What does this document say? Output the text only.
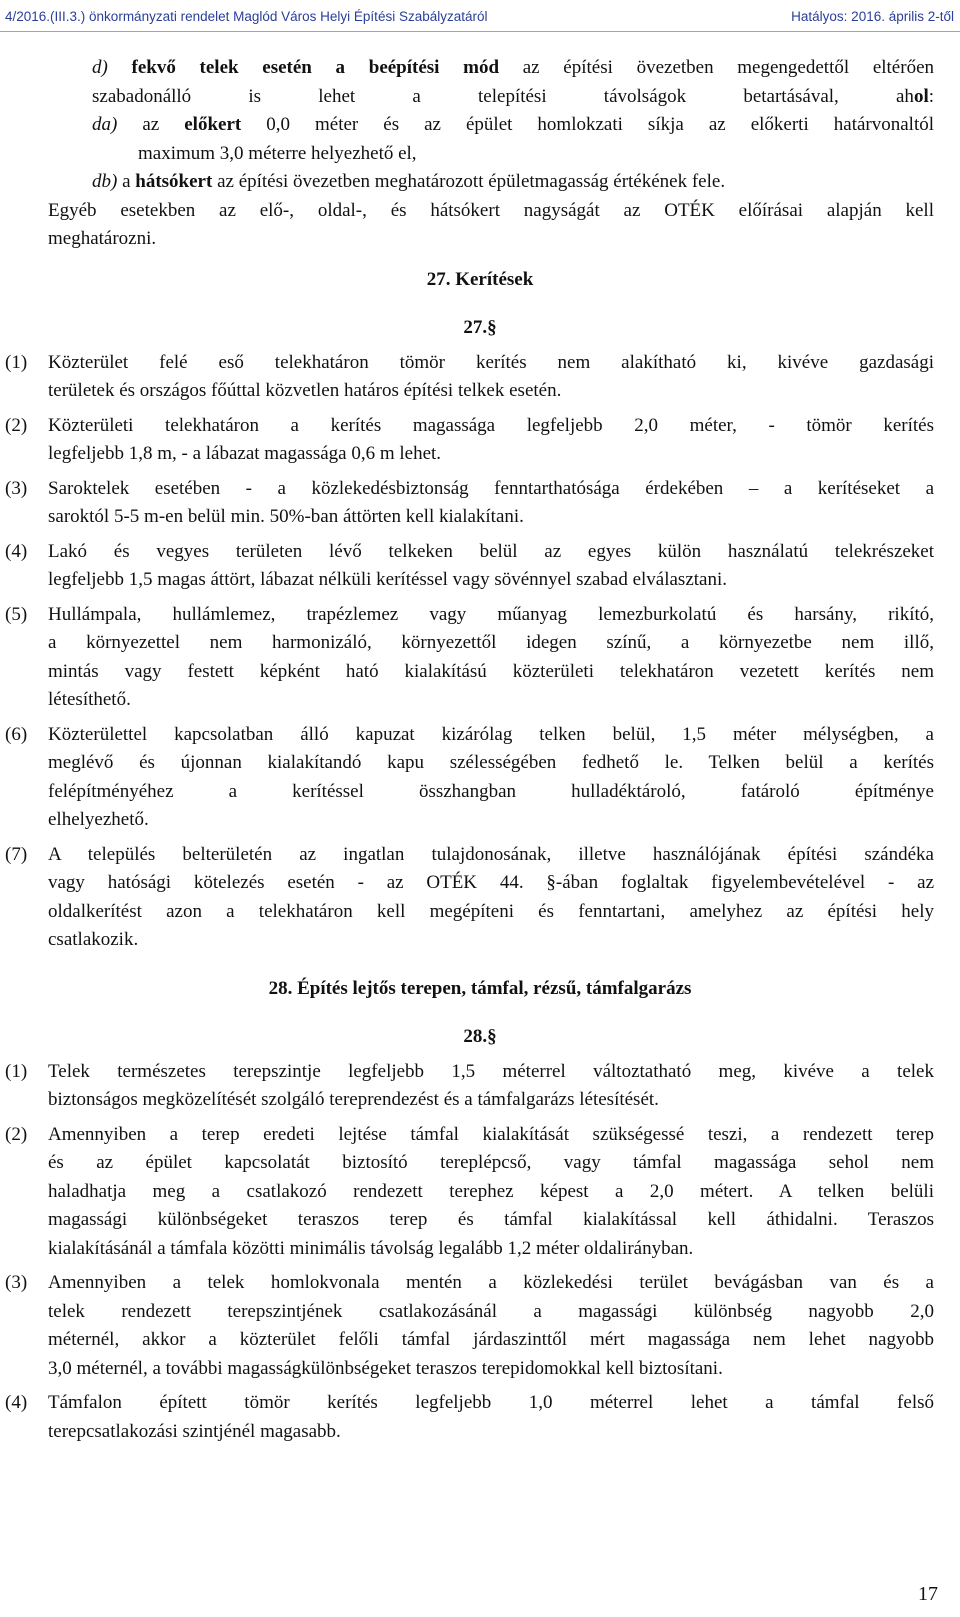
4/2016.(III.3.) önkormányzati rendelet Maglód Város Helyi Építési Szabályzatáról	Hatályos: 2016. április 2-től
d) fekvő telek esetén a beépítési mód az építési övezetben megengedettől eltérően
szabadonálló is lehet a telepítési távolságok betartásával, ahol:
da) az előkert 0,0 méter és az épület homlokzati síkja az előkerti határvonaltól
maximum 3,0 méterre helyezhető el,
db) a hátsókert az építési övezetben meghatározott épületmagasság értékének fele.
Egyéb esetekben az elő-, oldal-, és hátsókert nagyságát az OTÉK előírásai alapján kell
meghatározni.
27. Kerítések
27.§
(1) Közterület felé eső telekhatáron tömör kerítés nem alakítható ki, kivéve gazdasági
területek és országos főúttal közvetlen határos építési telkek esetén.
(2) Közterületi telekhatáron a kerítés magassága legfeljebb 2,0 méter, - tömör kerítés
legfeljebb 1,8 m, - a lábazat magassága 0,6 m lehet.
(3) Saroktelek esetében - a közlekedésbiztonság fenntarthatósága érdekében – a kerítéseket a
saroktól 5-5 m-en belül min. 50%-ban áttörten kell kialakítani.
(4) Lakó és vegyes területen lévő telkeken belül az egyes külön használatú telekrészeket
legfeljebb 1,5 magas áttört, lábazat nélküli kerítéssel vagy sövénnyel szabad elválasztani.
(5) Hullámpala, hullámlemez, trapézlemez vagy műanyag lemezburkolatú és harsány, rikító,
a környezettel nem harmonizáló, környezettől idegen színű, a környezetbe nem illő,
mintás vagy festett képként ható kialakítású közterületi telekhatáron vezetett kerítés nem
létesíthető.
(6) Közterülettel kapcsolatban álló kapuzat kizárólag telken belül, 1,5 méter mélységben, a
meglévő és újonnan kialakítandó kapu szélességében fedhető le. Telken belül a kerítés
felépítményéhez a kerítéssel összhangban hulladéktároló, fatároló építménye
elhelyezhető.
(7) A település belterületén az ingatlan tulajdonosának, illetve használójának építési szándéka
vagy hatósági kötelezés esetén - az OTÉK 44. §-ában foglaltak figyelembevételével - az
oldalkerítést azon a telekhatáron kell megépíteni és fenntartani, amelyhez az építési hely
csatlakozik.
28. Építés lejtős terepen, támfal, rézsű, támfalgarázs
28.§
(1) Telek természetes terepszintje legfeljebb 1,5 méterrel változtatható meg, kivéve a telek
biztonságos megközelítését szolgáló tereprendezést és a támfalgarázs létesítését.
(2) Amennyiben a terep eredeti lejtése támfal kialakítását szükségessé teszi, a rendezett terep
és az épület kapcsolatát biztosító tereplépcső, vagy támfal magassága sehol nem
haladhatja meg a csatlakozó rendezett terephez képest a 2,0 métert. A telken belüli
magassági különbségeket teraszos terep és támfal kialakítással kell áthidalni. Teraszos
kialakításánál a támfala közötti minimális távolság legalább 1,2 méter oldalirányban.
(3) Amennyiben a telek homlokvonala mentén a közlekedési terület bevágásban van és a
telek rendezett terepszintjének csatlakozásánál a magassági különbség nagyobb 2,0
méternél, akkor a közterület felőli támfal járdaszinttől mért magassága nem lehet nagyobb
3,0 méternél, a további magasságkülönbségeket teraszos terepidomokkal kell biztosítani.
(4) Támfalon épített tömör kerítés legfeljebb 1,0 méterrel lehet a támfal felső
terepcsatlakozási szintjénél magasabb.
17
